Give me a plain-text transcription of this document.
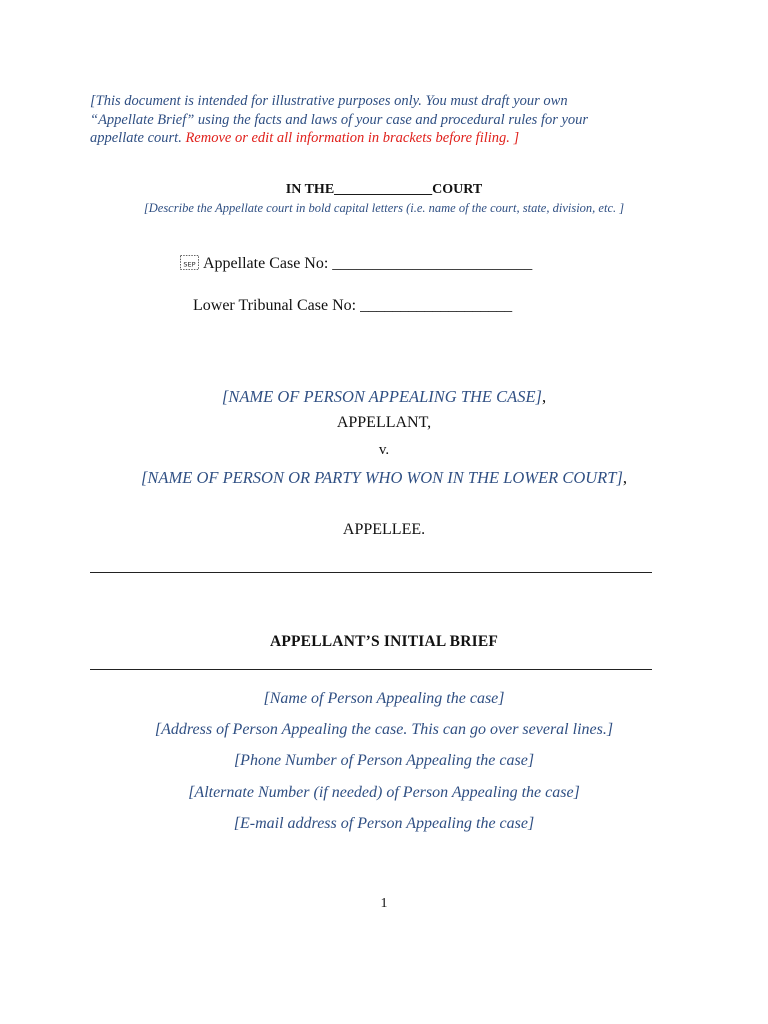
[This document is intended for illustrative purposes only. You must draft your own
“Appellate Brief” using the facts and laws of your case and procedural rules for your
appellate court. Remove or edit all information in brackets before filing. ]
IN THE______________COURT
[Describe the Appellate court in bold capital letters (i.e. name of the court, state, division, etc. ]
SEP Appellate Case No: _________________________
Lower Tribunal Case No: ___________________
[NAME OF PERSON APPEALING THE CASE],
APPELLANT,
v.
[NAME OF PERSON OR PARTY WHO WON IN THE LOWER COURT],
APPELLEE.
APPELLANT’S INITIAL BRIEF
[Name of Person Appealing the case]
[Address of Person Appealing the case. This can go over several lines.]
[Phone Number of Person Appealing the case]
[Alternate Number (if needed) of Person Appealing the case]
[E-mail address of Person Appealing the case]
1
